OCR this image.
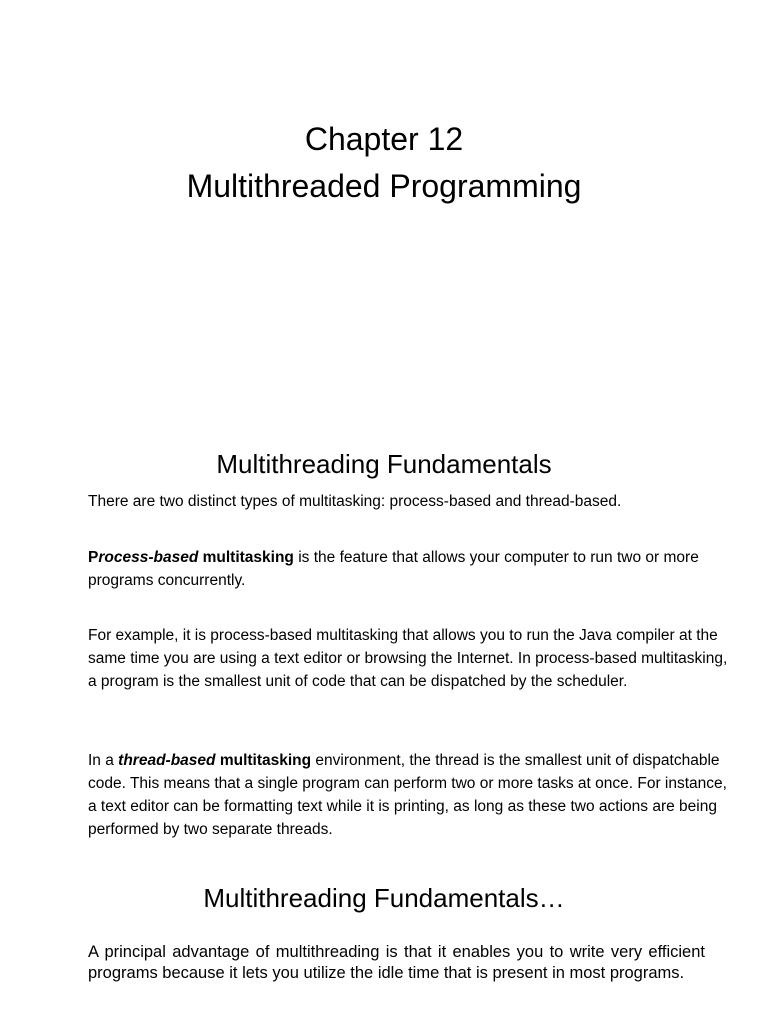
Chapter 12
Multithreaded Programming
Multithreading Fundamentals

There are two distinct types of multitasking: process-based and thread-based.

Process-based multitasking is the feature that allows your computer to run two or more programs concurrently.

For example, it is process-based multitasking that allows you to run the Java compiler at the same time you are using a text editor or browsing the Internet. In process-based multitasking, a program is the smallest unit of code that can be dispatched by the scheduler.

In a thread-based multitasking environment, the thread is the smallest unit of dispatchable code. This means that a single program can perform two or more tasks at once. For instance, a text editor can be formatting text while it is printing, as long as these two actions are being performed by two separate threads.

Multithreading Fundamentals…

A principal advantage of multithreading is that it enables you to write very efficient programs because it lets you utilize the idle time that is present in most programs.
